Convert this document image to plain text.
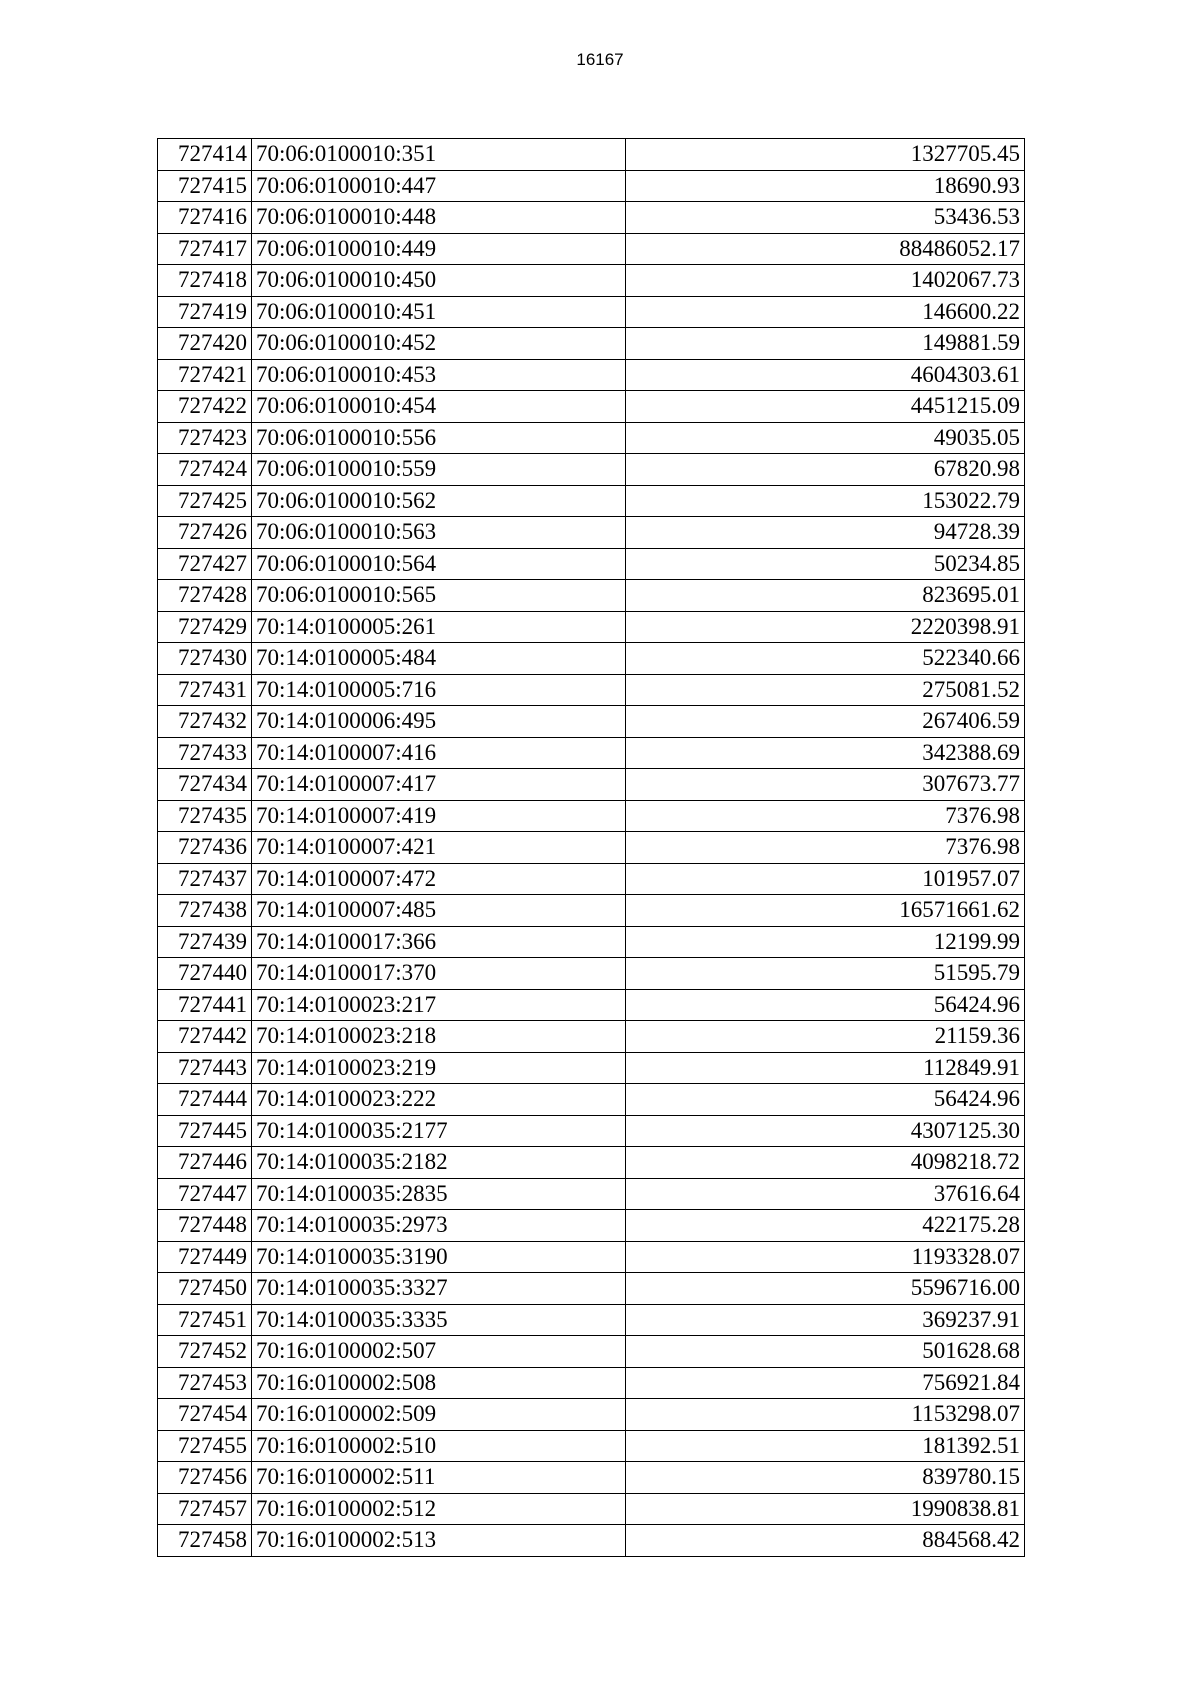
16167
727414	70:06:0100010:351	1327705.45
727415	70:06:0100010:447	18690.93
727416	70:06:0100010:448	53436.53
727417	70:06:0100010:449	88486052.17
727418	70:06:0100010:450	1402067.73
727419	70:06:0100010:451	146600.22
727420	70:06:0100010:452	149881.59
727421	70:06:0100010:453	4604303.61
727422	70:06:0100010:454	4451215.09
727423	70:06:0100010:556	49035.05
727424	70:06:0100010:559	67820.98
727425	70:06:0100010:562	153022.79
727426	70:06:0100010:563	94728.39
727427	70:06:0100010:564	50234.85
727428	70:06:0100010:565	823695.01
727429	70:14:0100005:261	2220398.91
727430	70:14:0100005:484	522340.66
727431	70:14:0100005:716	275081.52
727432	70:14:0100006:495	267406.59
727433	70:14:0100007:416	342388.69
727434	70:14:0100007:417	307673.77
727435	70:14:0100007:419	7376.98
727436	70:14:0100007:421	7376.98
727437	70:14:0100007:472	101957.07
727438	70:14:0100007:485	16571661.62
727439	70:14:0100017:366	12199.99
727440	70:14:0100017:370	51595.79
727441	70:14:0100023:217	56424.96
727442	70:14:0100023:218	21159.36
727443	70:14:0100023:219	112849.91
727444	70:14:0100023:222	56424.96
727445	70:14:0100035:2177	4307125.30
727446	70:14:0100035:2182	4098218.72
727447	70:14:0100035:2835	37616.64
727448	70:14:0100035:2973	422175.28
727449	70:14:0100035:3190	1193328.07
727450	70:14:0100035:3327	5596716.00
727451	70:14:0100035:3335	369237.91
727452	70:16:0100002:507	501628.68
727453	70:16:0100002:508	756921.84
727454	70:16:0100002:509	1153298.07
727455	70:16:0100002:510	181392.51
727456	70:16:0100002:511	839780.15
727457	70:16:0100002:512	1990838.81
727458	70:16:0100002:513	884568.42
